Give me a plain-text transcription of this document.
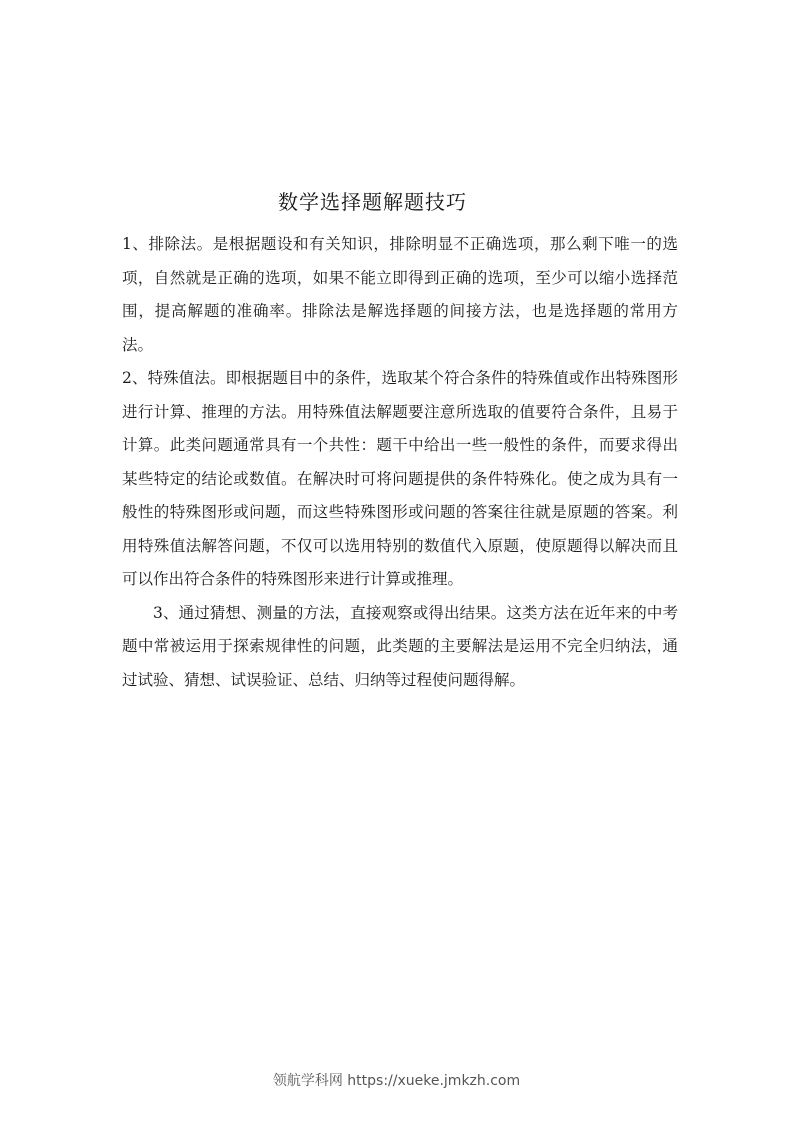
数学选择题解题技巧

1、排除法。是根据题设和有关知识，排除明显不正确选项，那么剩下唯一的选项，自然就是正确的选项，如果不能立即得到正确的选项，至少可以缩小选择范围，提高解题的准确率。排除法是解选择题的间接方法，也是选择题的常用方法。

2、特殊值法。即根据题目中的条件，选取某个符合条件的特殊值或作出特殊图形进行计算、推理的方法。用特殊值法解题要注意所选取的值要符合条件，且易于计算。此类问题通常具有一个共性：题干中给出一些一般性的条件，而要求得出某些特定的结论或数值。在解决时可将问题提供的条件特殊化。使之成为具有一般性的特殊图形或问题，而这些特殊图形或问题的答案往往就是原题的答案。利用特殊值法解答问题，不仅可以选用特别的数值代入原题，使原题得以解决而且可以作出符合条件的特殊图形来进行计算或推理。

3、通过猜想、测量的方法，直接观察或得出结果。这类方法在近年来的中考题中常被运用于探索规律性的问题，此类题的主要解法是运用不完全归纳法，通过试验、猜想、试误验证、总结、归纳等过程使问题得解。

领航学科网 https://xueke.jmkzh.com
